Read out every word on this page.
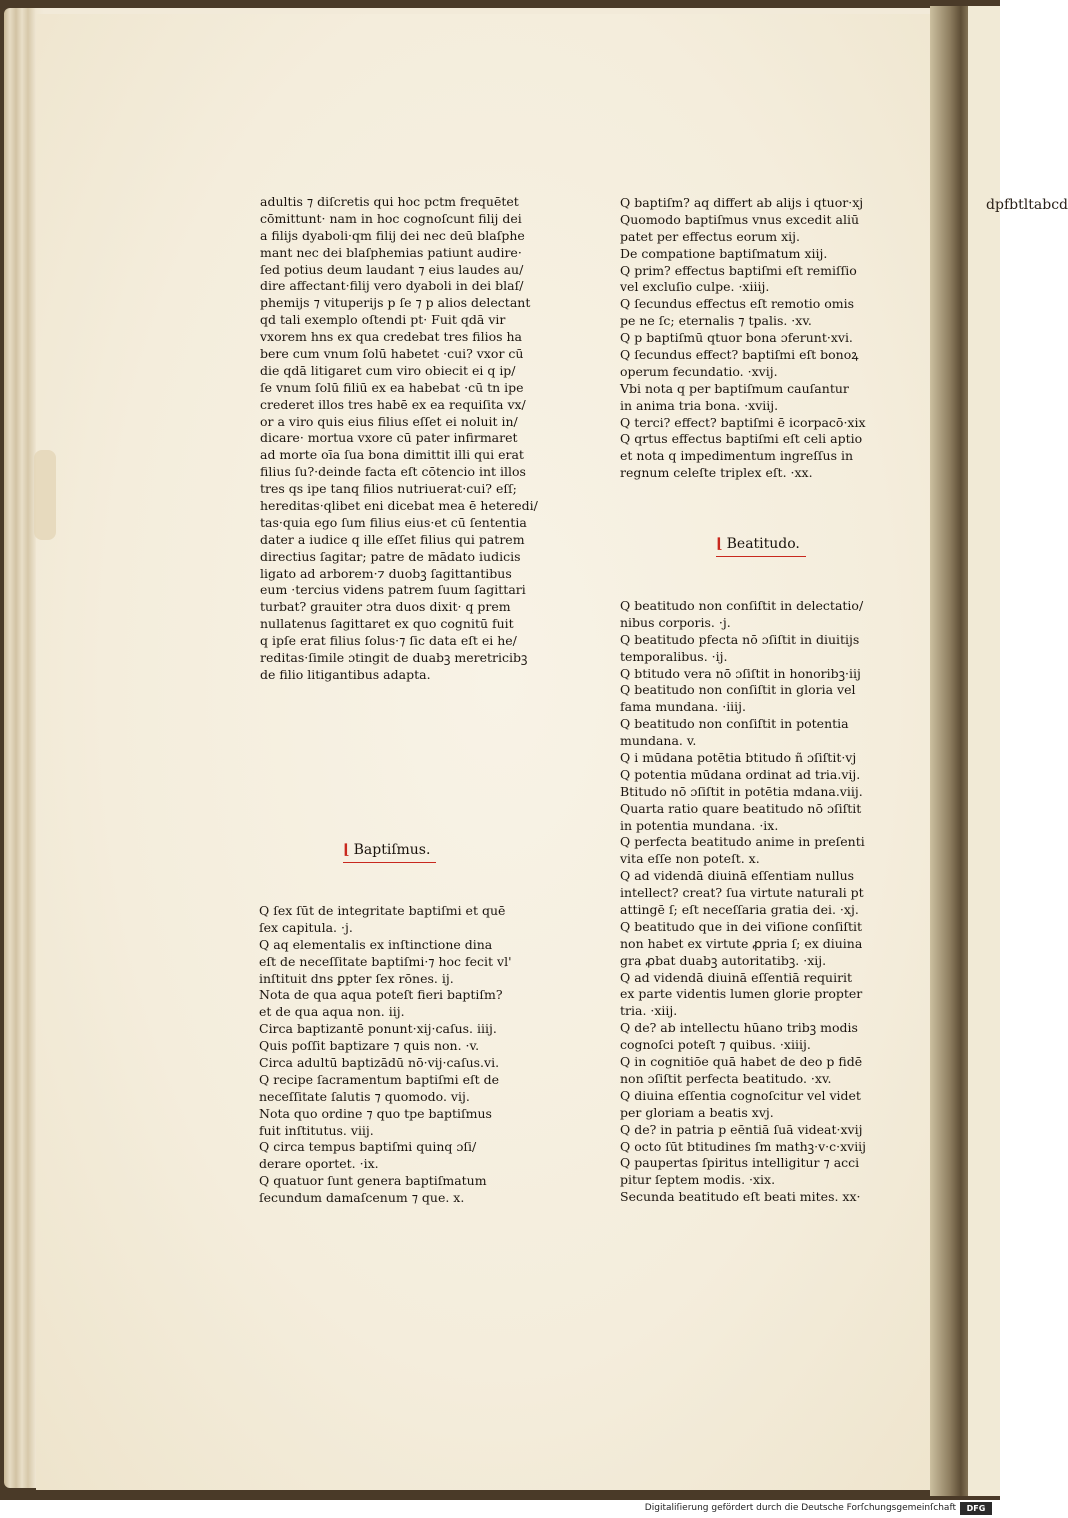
adultis ⁊ diſcretis qui hoc pctm frequētet
cōmittunt· nam in hoc cognoſcunt filij dei
a filijs dyaboli·qm filij dei nec deū blaſphe
mant nec dei blaſphemias patiunt audire·
ſed potius deum laudant ⁊ eius laudes au/
dire affectant·filij vero dyaboli in dei blaſ/
phemijs ⁊ vituperijs p ſe ⁊ p alios delectant
qd tali exemplo oſtendi pt· Fuit qdā vir
vxorem hns ex qua credebat tres filios ha
bere cum vnum ſolū habetet ·cui? vxor cū
die qdā litigaret cum viro obiecit ei q ip/
ſe vnum ſolū filiū ex ea habebat ·cū tn ipe
crederet illos tres habē ex ea requiſita vx/
or a viro quis eius filius eſſet ei noluit in/
dicare· mortua vxore cū pater infirmaret
ad morte oīa ſua bona dimittit illi qui erat
filius ſu?·deinde facta eſt cōtencio int illos
tres qs ipe tanq filios nutriuerat·cui? eſſ;
hereditas·qlibet eni dicebat mea ē heteredi/
tas·quia ego ſum filius eius·et cū ſententia
dater a iudice q ille eſſet filius qui patrem
directius ſagitar; patre de mādato iudicis
ligato ad arborem·⁊ duobꝫ ſagittantibus
eum ·tercius videns patrem ſuum ſagittari
turbat? grauiter ɔtra duos dixit· q prem
nullatenus ſagittaret ex quo cognitū fuit
q ipſe erat filius ſolus·⁊ ſic data eſt ei he/
reditas·ſimile ɔtingit de duabꝫ meretricibꝫ
de filio litigantibus adapta.
⌊ Baptiſmus.
Q ſex ſūt de integritate baptiſmi et quē
ſex capitula. ·j.
Q aq elementalis ex inſtinctione dina
eſt de neceſſitate baptiſmi·⁊ hoc fecit vl'
inſtituit dns ꝑpter ſex rōnes. ij.
Nota de qua aqua poteſt fieri baptiſm?
et de qua aqua non. iij.
Circa baptizantē ponunt·xij·caſus. iiij.
Quis poſſit baptizare ⁊ quis non. ·v.
Circa adultū baptizādū nō·vij·caſus.vi.
Q recipe ſacramentum baptiſmi eſt de
neceſſitate ſalutis ⁊ quomodo. vij.
Nota quo ordine ⁊ quo tpe baptiſmus
fuit inſtitutus. viij.
Q circa tempus baptiſmi quinq ɔſi/
derare oportet. ·ix.
Q quatuor ſunt genera baptiſmatum
ſecundum damaſcenum ⁊ que. x.
Q baptiſm? aq differt ab alijs i qtuor·xj
Quomodo baptiſmus vnus excedit aliū
patet per effectus eorum xij.
De compatione baptiſmatum xiij.
Q prim? effectus baptiſmi eſt remiſſio
vel excluſio culpe. ·xiiij.
Q ſecundus effectus eſt remotio omis
pe ne ſc; eternalis ⁊ tpalis. ·xv.
Q p baptiſmū qtuor bona ɔferunt·xvi.
Q ſecundus effect? baptiſmi eſt bonoꝝ
operum fecundatio. ·xvij.
Vbi nota q per baptiſmum cauſantur
in anima tria bona. ·xviij.
Q terci? effect? baptiſmi ē icorpacō·xix
Q qrtus effectus baptiſmi eſt celi aptio
et nota q impedimentum ingreſſus in
regnum celeſte triplex eſt. ·xx.
⌊ Beatitudo.
Q beatitudo non conſiſtit in delectatio/
nibus corporis. ·j.
Q beatitudo pfecta nō ɔſiſtit in diuitijs
temporalibus. ·ij.
Q btitudo vera nō ɔſiſtit in honoribꝫ·iij
Q beatitudo non conſiſtit in gloria vel
fama mundana. ·iiij.
Q beatitudo non conſiſtit in potentia
mundana. v.
Q i mūdana potētia btitudo ñ ɔſiſtit·vj
Q potentia mūdana ordinat ad tria.vij.
Btitudo nō ɔſiſtit in potētia mdana.viij.
Quarta ratio quare beatitudo nō ɔſiſtit
in potentia mundana. ·ix.
Q perfecta beatitudo anime in preſenti
vita eſſe non poteſt. x.
Q ad videndā diuinā eſſentiam nullus
intellect? creat? ſua virtute naturali pt
attingē ſ; eſt neceſſaria gratia dei. ·xj.
Q beatitudo que in dei viſione conſiſtit
non habet ex virtute ꝓpria ſ; ex diuina
gra ꝓbat duabꝫ autoritatibꝫ. ·xij.
Q ad videndā diuinā eſſentiā requirit
ex parte videntis lumen glorie propter
tria. ·xiij.
Q de? ab intellectu hūano tribꝫ modis
cognoſci poteſt ⁊ quibus. ·xiiij.
Q in cognitiōe quā habet de deo p fidē
non ɔſiſtit perfecta beatitudo. ·xv.
Q diuina eſſentia cognoſcitur vel videt
per gloriam a beatis xvj.
Q de? in patria p eēntiā ſuā videat·xvij
Q octo ſūt btitudines ſm mathꝫ·v·c·xviij
Q paupertas ſpiritus intelligitur ⁊ acci
pitur ſeptem modis. ·xix.
Secunda beatitudo eſt beati mites. xx·
dpfbtltabcd
Digitaliſierung gefördert durch die Deutsche Forſchungsgemeinſchaft	DFG
